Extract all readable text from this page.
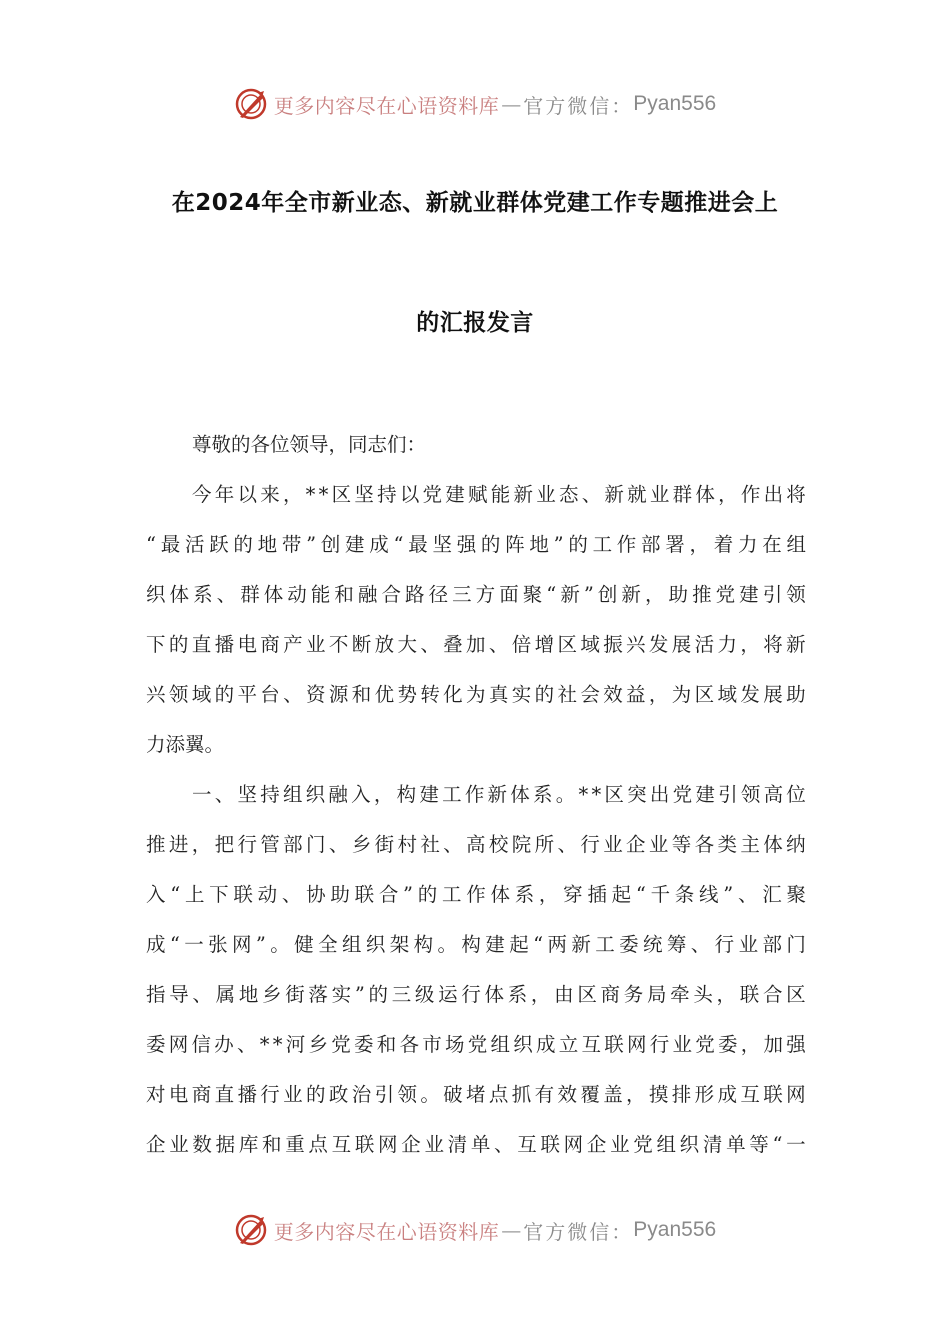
更多内容尽在心语资料库 — 官方微信： Pyan556
在2024年全市新业态、新就业群体党建工作专题推进会上
的汇报发言
尊敬的各位领导，同志们：
今 年 以 来 ， * * 区 坚 持 以 党 建 赋 能 新 业 态 、 新 就 业 群 体 ， 作 出 将
“ 最 活 跃 的 地 带 ” 创 建 成 “ 最 坚 强 的 阵 地 ” 的 工 作 部 署 ， 着 力 在 组
织 体 系 、 群 体 动 能 和 融 合 路 径 三 方 面 聚 “ 新 ” 创 新 ， 助 推 党 建 引 领
下 的 直 播 电 商 产 业 不 断 放 大 、 叠 加 、 倍 增 区 域 振 兴 发 展 活 力 ， 将 新
兴 领 域 的 平 台 、 资 源 和 优 势 转 化 为 真 实 的 社 会 效 益 ， 为 区 域 发 展 助
力添翼。
一 、 坚 持 组 织 融 入 ， 构 建 工 作 新 体 系 。 * * 区 突 出 党 建 引 领 高 位
推 进 ， 把 行 管 部 门 、 乡 街 村 社 、 高 校 院 所 、 行 业 企 业 等 各 类 主 体 纳
入 “ 上 下 联 动 、 协 助 联 合 ” 的 工 作 体 系 ， 穿 插 起 “ 千 条 线 ” 、 汇 聚
成 “ 一 张 网 ” 。 健 全 组 织 架 构 。 构 建 起 “ 两 新 工 委 统 筹 、 行 业 部 门
指 导 、 属 地 乡 街 落 实 ” 的 三 级 运 行 体 系 ， 由 区 商 务 局 牵 头 ， 联 合 区
委 网 信 办 、 * * 河 乡 党 委 和 各 市 场 党 组 织 成 立 互 联 网 行 业 党 委 ， 加 强
对 电 商 直 播 行 业 的 政 治 引 领 。 破 堵 点 抓 有 效 覆 盖 ， 摸 排 形 成 互 联 网
企 业 数 据 库 和 重 点 互 联 网 企 业 清 单 、 互 联 网 企 业 党 组 织 清 单 等 “ 一
更多内容尽在心语资料库 — 官方微信： Pyan556
